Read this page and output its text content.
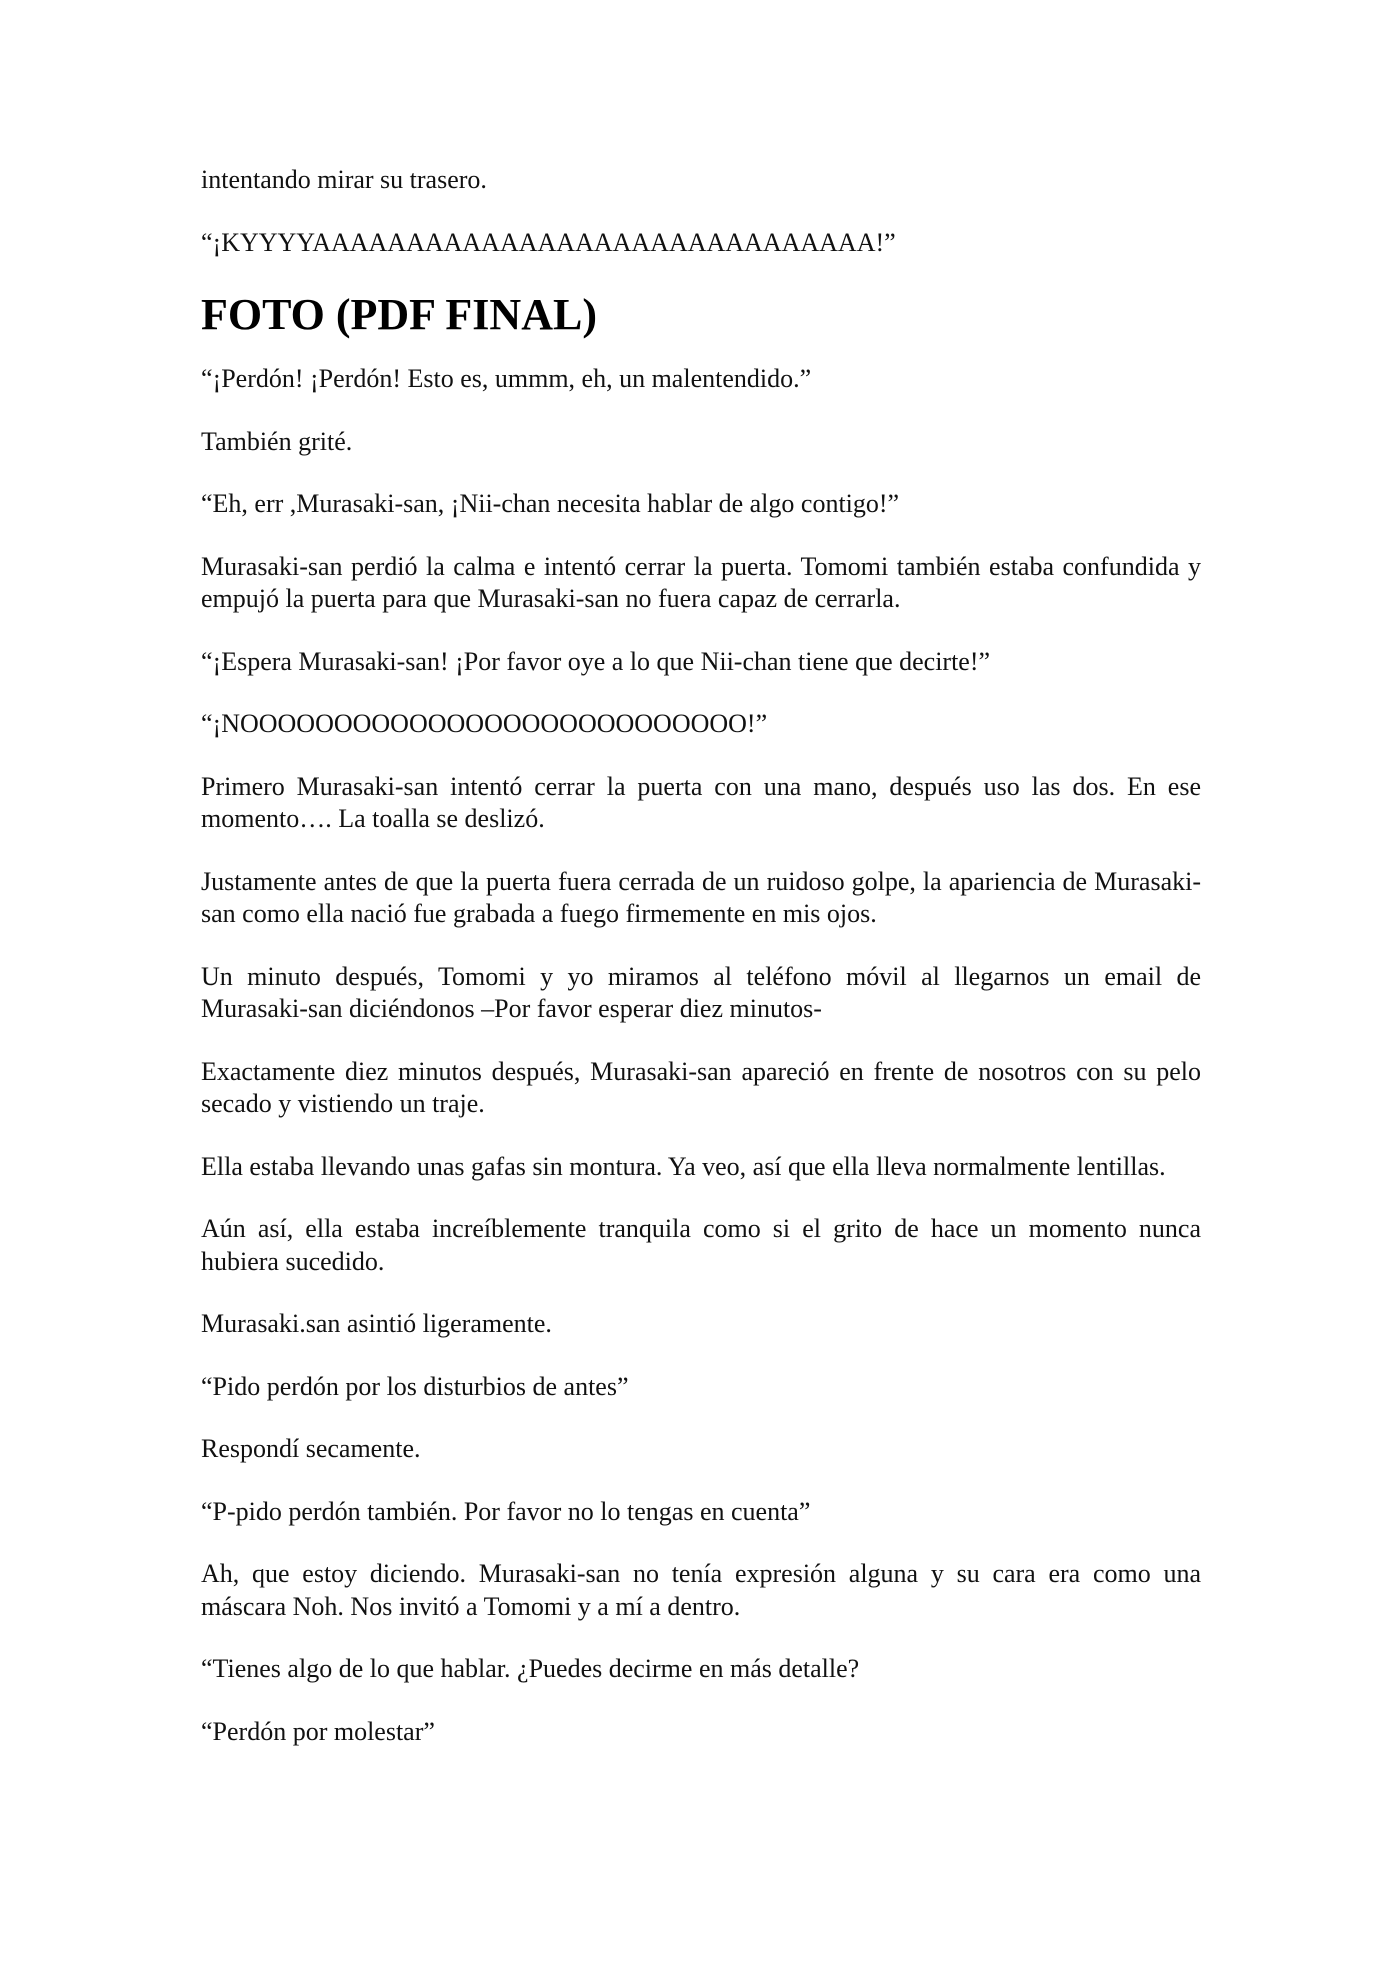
intentando mirar su trasero.

“¡KYYYYAAAAAAAAAAAAAAAAAAAAAAAAAAAAAA!”

FOTO (PDF FINAL)

“¡Perdón! ¡Perdón! Esto es, ummm, eh, un malentendido.”

También grité.

“Eh, err ,Murasaki-san, ¡Nii-chan necesita hablar de algo contigo!”

Murasaki-san perdió la calma e intentó cerrar la puerta. Tomomi también estaba confundida y empujó la puerta para que Murasaki-san no fuera capaz de cerrarla.

“¡Espera Murasaki-san! ¡Por favor oye a lo que Nii-chan tiene que decirte!”

“¡NOOOOOOOOOOOOOOOOOOOOOOOOOOO!”

Primero Murasaki-san intentó cerrar la puerta con una mano, después uso las dos. En ese momento…. La toalla se deslizó.

Justamente antes de que la puerta fuera cerrada de un ruidoso golpe, la apariencia de Murasaki-san como ella nació fue grabada a fuego firmemente en mis ojos.

Un minuto después, Tomomi y yo miramos al teléfono móvil al llegarnos un email de Murasaki-san diciéndonos –Por favor esperar diez minutos-

Exactamente diez minutos después, Murasaki-san apareció en frente de nosotros con su pelo secado y vistiendo un traje.

Ella estaba llevando unas gafas sin montura. Ya veo, así que ella lleva normalmente lentillas.

Aún así, ella estaba increíblemente tranquila como si el grito de hace un momento nunca hubiera sucedido.

Murasaki.san asintió ligeramente.

“Pido perdón por los disturbios de antes”

Respondí secamente.

“P-pido perdón también. Por favor no lo tengas en cuenta”

Ah, que estoy diciendo. Murasaki-san no tenía expresión alguna y su cara era como una máscara Noh. Nos invitó a Tomomi y a mí a dentro.

“Tienes algo de lo que hablar. ¿Puedes decirme en más detalle?

“Perdón por molestar”
